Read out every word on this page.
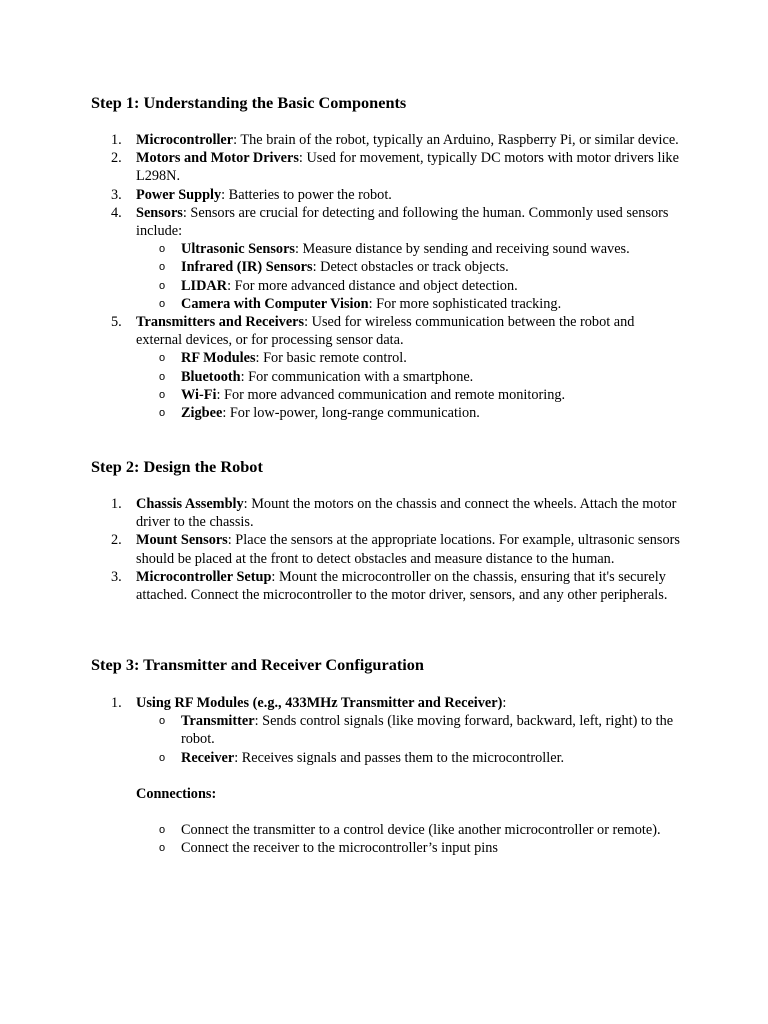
Step 1: Understanding the Basic Components
1. Microcontroller: The brain of the robot, typically an Arduino, Raspberry Pi, or similar device.
2. Motors and Motor Drivers: Used for movement, typically DC motors with motor drivers like L298N.
3. Power Supply: Batteries to power the robot.
4. Sensors: Sensors are crucial for detecting and following the human. Commonly used sensors include:
o Ultrasonic Sensors: Measure distance by sending and receiving sound waves.
o Infrared (IR) Sensors: Detect obstacles or track objects.
o LIDAR: For more advanced distance and object detection.
o Camera with Computer Vision: For more sophisticated tracking.
5. Transmitters and Receivers: Used for wireless communication between the robot and external devices, or for processing sensor data.
o RF Modules: For basic remote control.
o Bluetooth: For communication with a smartphone.
o Wi-Fi: For more advanced communication and remote monitoring.
o Zigbee: For low-power, long-range communication.
Step 2: Design the Robot
1. Chassis Assembly: Mount the motors on the chassis and connect the wheels. Attach the motor driver to the chassis.
2. Mount Sensors: Place the sensors at the appropriate locations. For example, ultrasonic sensors should be placed at the front to detect obstacles and measure distance to the human.
3. Microcontroller Setup: Mount the microcontroller on the chassis, ensuring that it's securely attached. Connect the microcontroller to the motor driver, sensors, and any other peripherals.
Step 3: Transmitter and Receiver Configuration
1. Using RF Modules (e.g., 433MHz Transmitter and Receiver):
o Transmitter: Sends control signals (like moving forward, backward, left, right) to the robot.
o Receiver: Receives signals and passes them to the microcontroller.

Connections:

o Connect the transmitter to a control device (like another microcontroller or remote).
o Connect the receiver to the microcontroller’s input pins
